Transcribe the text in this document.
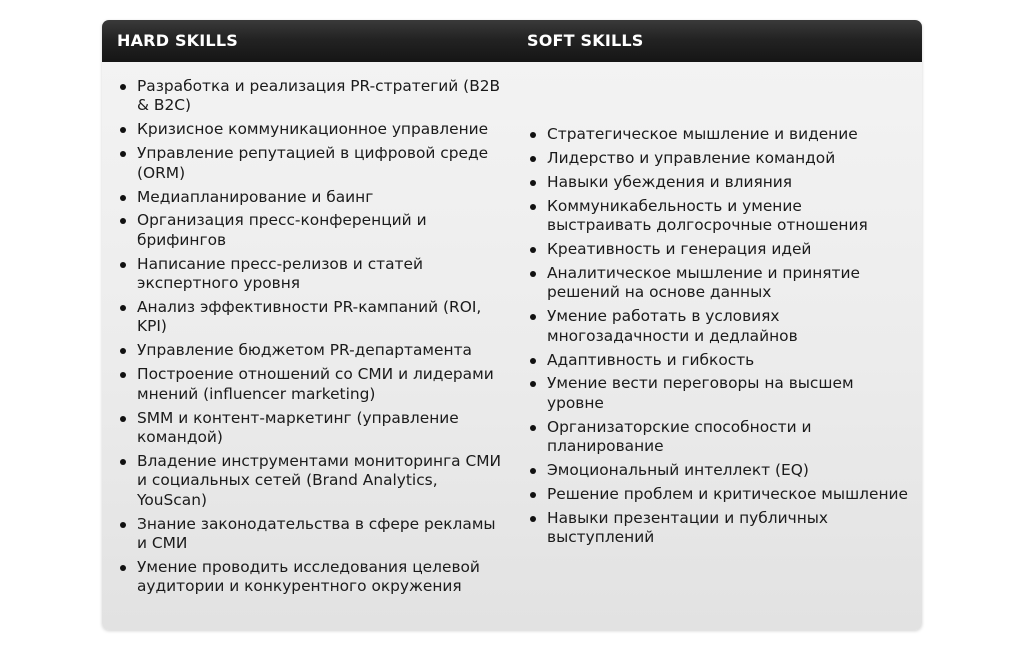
HARD SKILLS	SOFT SKILLS
Разработка и реализация PR-стратегий (B2B & B2C)
Кризисное коммуникационное управление
Управление репутацией в цифровой среде (ORM)
Медиапланирование и баинг
Организация пресс-конференций и брифингов
Написание пресс-релизов и статей экспертного уровня
Анализ эффективности PR-кампаний (ROI, KPI)
Управление бюджетом PR-департамента
Построение отношений со СМИ и лидерами мнений (influencer marketing)
SMM и контент-маркетинг (управление командой)
Владение инструментами мониторинга СМИ и социальных сетей (Brand Analytics, YouScan)
Знание законодательства в сфере рекламы и СМИ
Умение проводить исследования целевой аудитории и конкурентного окружения
Стратегическое мышление и видение
Лидерство и управление командой
Навыки убеждения и влияния
Коммуникабельность и умение выстраивать долгосрочные отношения
Креативность и генерация идей
Аналитическое мышление и принятие решений на основе данных
Умение работать в условиях многозадачности и дедлайнов
Адаптивность и гибкость
Умение вести переговоры на высшем уровне
Организаторские способности и планирование
Эмоциональный интеллект (EQ)
Решение проблем и критическое мышление
Навыки презентации и публичных выступлений
